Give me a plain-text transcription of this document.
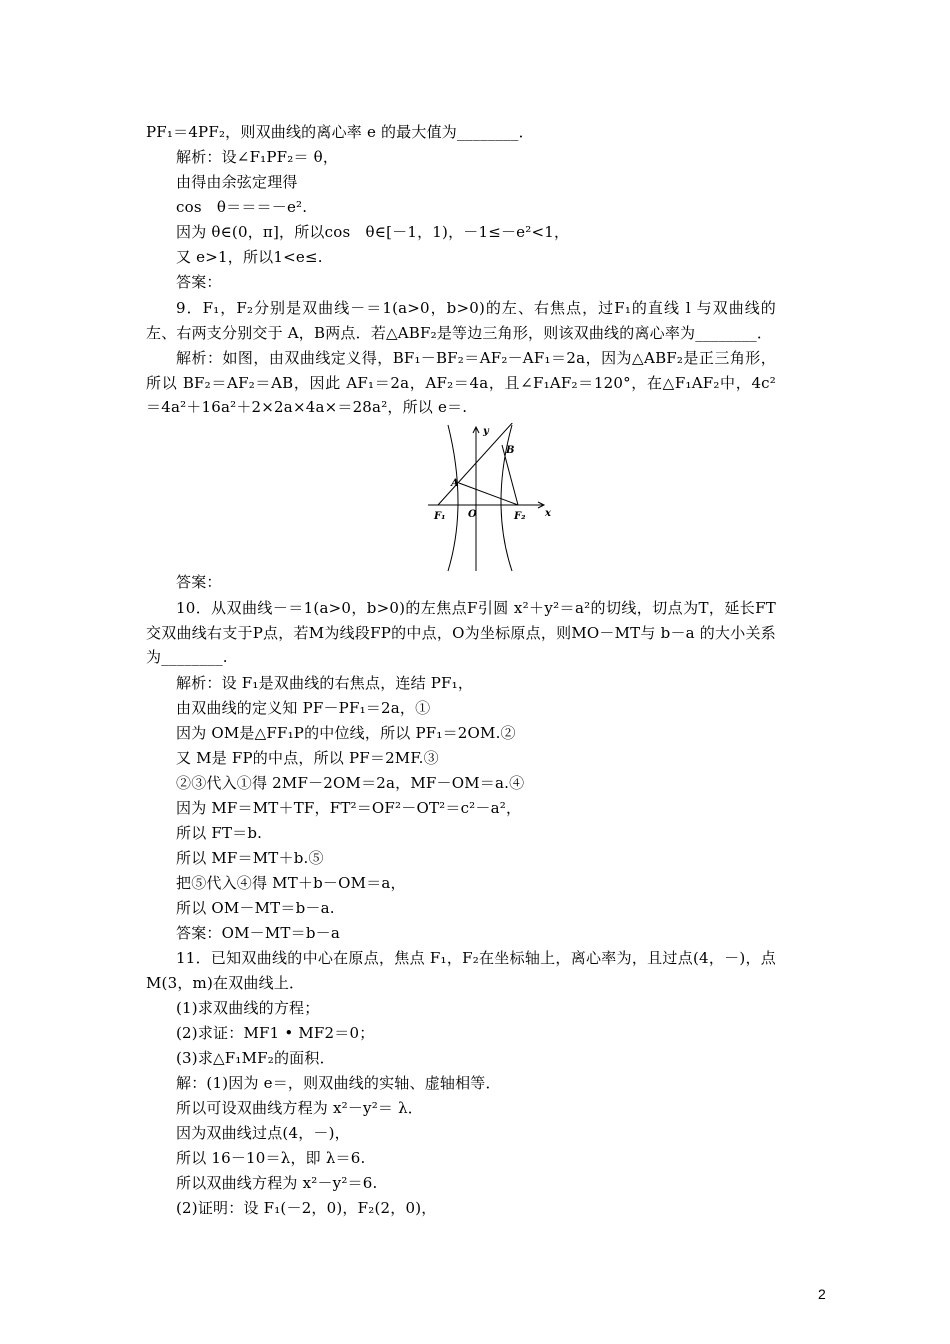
PF₁＝4PF₂，则双曲线的离心率 e 的最大值为________．
解析：设∠F₁PF₂＝ θ，
由得由余弦定理得
cos　θ＝＝＝－e².
因为 θ∈(0，π]，所以cos　θ∈[－1，1)，－1≤－e²<1，
又 e>1，所以1<e≤.
答案：
9．F₁，F₂分别是双曲线－＝1(a>0，b>0)的左、右焦点，过F₁的直线 l 与双曲线的左、右两支分别交于 A，B两点．若△ABF₂是等边三角形，则该双曲线的离心率为________．
解析：如图，由双曲线定义得，BF₁－BF₂＝AF₂－AF₁＝2a，因为△ABF₂是正三角形，所以 BF₂＝AF₂＝AB，因此 AF₁＝2a，AF₂＝4a，且∠F₁AF₂＝120°，在△F₁AF₂中，4c²＝4a²＋16a²＋2×2a×4a×＝28a²，所以 e＝.
y
x
O
F₁	F₂
A
B
答案：
10．从双曲线－＝1(a>0，b>0)的左焦点F引圆 x²＋y²＝a²的切线，切点为T，延长FT交双曲线右支于P点，若M为线段FP的中点，O为坐标原点，则MO－MT与 b－a 的大小关系为________.
解析：设 F₁是双曲线的右焦点，连结 PF₁，
由双曲线的定义知 PF－PF₁＝2a，①
因为 OM是△FF₁P的中位线，所以 PF₁＝2OM.②
又 M是 FP的中点，所以 PF＝2MF.③
②③代入①得 2MF－2OM＝2a，MF－OM＝a.④
因为 MF＝MT＋TF，FT²＝OF²－OT²＝c²－a²，
所以 FT＝b.
所以 MF＝MT＋b.⑤
把⑤代入④得 MT＋b－OM＝a，
所以 OM－MT＝b－a.
答案：OM－MT＝b－a
11．已知双曲线的中心在原点，焦点 F₁，F₂在坐标轴上，离心率为，且过点(4，－)，点M(3，m)在双曲线上．
(1)求双曲线的方程；
(2)求证：MF1 • MF2＝0；
(3)求△F₁MF₂的面积．
解：(1)因为 e＝，则双曲线的实轴、虚轴相等．
所以可设双曲线方程为 x²－y²＝ λ．
因为双曲线过点(4，－)，
所以 16－10＝λ，即 λ＝6.
所以双曲线方程为 x²－y²＝6.
(2)证明：设 F₁(－2，0)，F₂(2，0)，
2
